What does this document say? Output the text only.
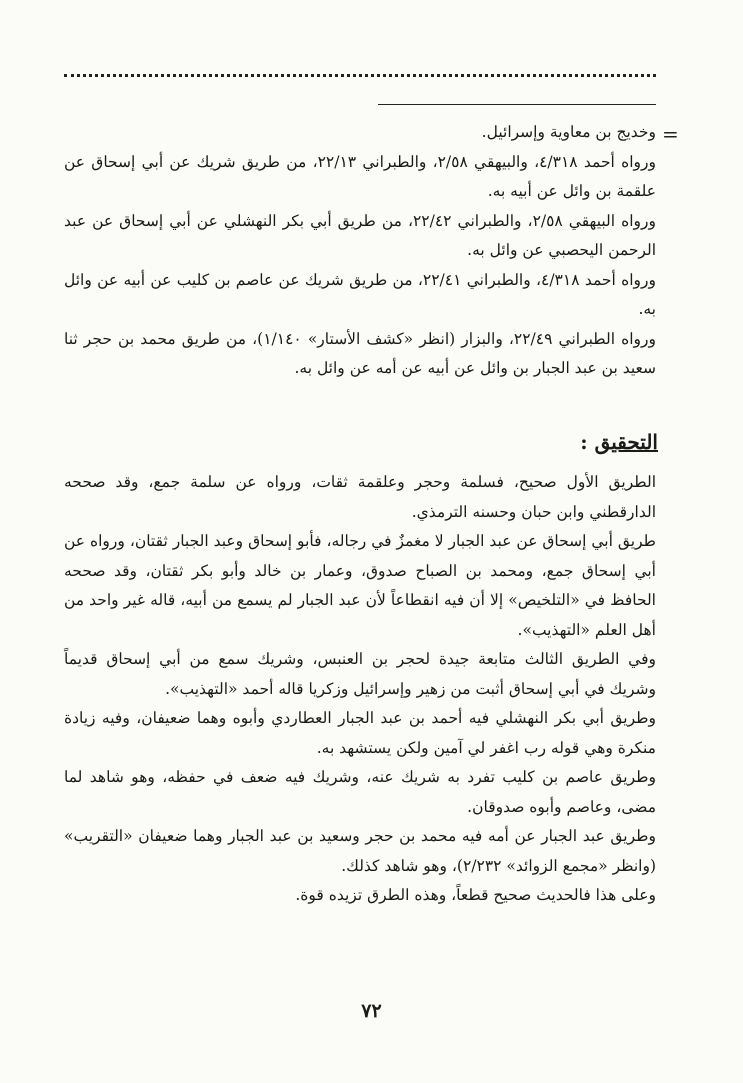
=

وخديج بن معاوية وإسرائيل.

ورواه أحمد ٤/٣١٨، والبيهقي ٢/٥٨، والطبراني ٢٢/١٣، من طريق شريك عن أبي إسحاق عن علقمة بن وائل عن أبيه به.

ورواه البيهقي ٢/٥٨، والطبراني ٢٢/٤٢، من طريق أبي بكر النهشلي عن أبي إسحاق عن عبد الرحمن اليحصبي عن وائل به.

ورواه أحمد ٤/٣١٨، والطبراني ٢٢/٤١، من طريق شريك عن عاصم بن كليب عن أبيه عن وائل به.

ورواه الطبراني ٢٢/٤٩، والبزار (انظر «كشف الأستار» ١/١٤٠)، من طريق محمد بن حجر ثنا سعيد بن عبد الجبار بن وائل عن أبيه عن أمه عن وائل به.

التحقيق :

الطريق الأول صحيح، فسلمة وحجر وعلقمة ثقات، ورواه عن سلمة جمع، وقد صححه الدارقطني وابن حبان وحسنه الترمذي.

طريق أبي إسحاق عن عبد الجبار لا مغمزٌ في رجاله، فأبو إسحاق وعبد الجبار ثقتان، ورواه عن أبي إسحاق جمع، ومحمد بن الصباح صدوق، وعمار بن خالد وأبو بكر ثقتان، وقد صححه الحافظ في «التلخيص» إلا أن فيه انقطاعاً لأن عبد الجبار لم يسمع من أبيه، قاله غير واحد من أهل العلم «التهذيب».

وفي الطريق الثالث متابعة جيدة لحجر بن العنبس، وشريك سمع من أبي إسحاق قديماً وشريك في أبي إسحاق أثبت من زهير وإسرائيل وزكريا قاله أحمد «التهذيب».

وطريق أبي بكر النهشلي فيه أحمد بن عبد الجبار العطاردي وأبوه وهما ضعيفان، وفيه زيادة منكرة وهي قوله رب اغفر لي آمين ولكن يستشهد به.

وطريق عاصم بن كليب تفرد به شريك عنه، وشريك فيه ضعف في حفظه، وهو شاهد لما مضى، وعاصم وأبوه صدوقان.

وطريق عبد الجبار عن أمه فيه محمد بن حجر وسعيد بن عبد الجبار وهما ضعيفان «التقريب» (وانظر «مجمع الزوائد» ٢/٢٣٢)، وهو شاهد كذلك.

وعلى هذا فالحديث صحيح قطعاً، وهذه الطرق تزيده قوة.

٧٢
